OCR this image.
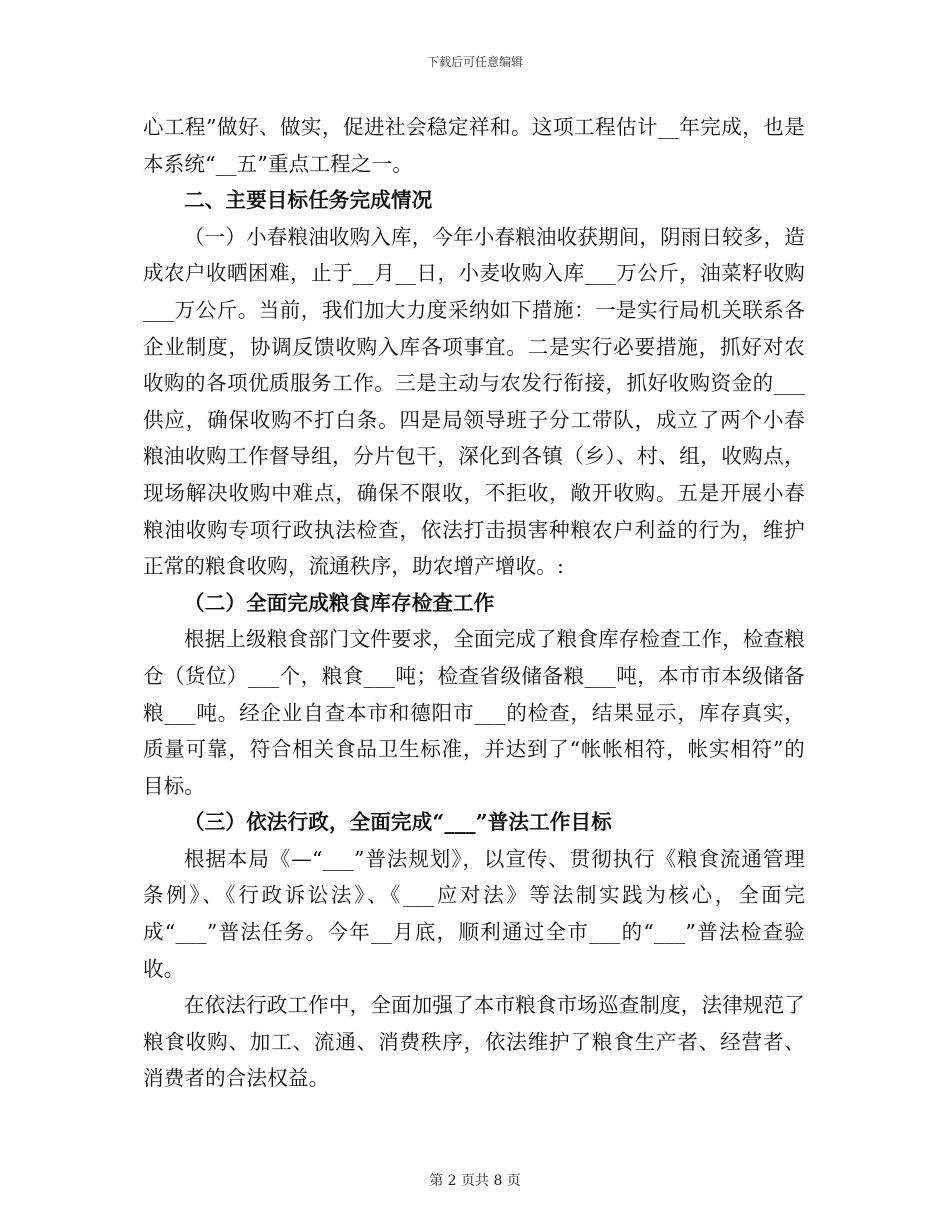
下载后可任意编辑

心工程”做好、做实，促进社会稳定祥和。这项工程估计__年完成，也是本系统“__五”重点工程之一。

二、主要目标任务完成情况

（一）小春粮油收购入库，今年小春粮油收获期间，阴雨日较多，造成农户收晒困难，止于__月__日，小麦收购入库___万公斤，油菜籽收购___万公斤。当前，我们加大力度采纳如下措施：一是实行局机关联系各企业制度，协调反馈收购入库各项事宜。二是实行必要措施，抓好对农收购的各项优质服务工作。三是主动与农发行衔接，抓好收购资金的___供应，确保收购不打白条。四是局领导班子分工带队，成立了两个小春粮油收购工作督导组，分片包干，深化到各镇（乡）、村、组，收购点，现场解决收购中难点，确保不限收，不拒收，敞开收购。五是开展小春粮油收购专项行政执法检查，依法打击损害种粮农户利益的行为，维护正常的粮食收购，流通秩序，助农增产增收。:

（二）全面完成粮食库存检查工作

根据上级粮食部门文件要求，全面完成了粮食库存检查工作，检查粮仓（货位）___个，粮食___吨；检查省级储备粮___吨，本市市本级储备粮___吨。经企业自查本市和德阳市___的检查，结果显示，库存真实，质量可靠，符合相关食品卫生标准，并达到了“帐帐相符，帐实相符”的目标。

（三）依法行政，全面完成“___”普法工作目标

根据本局《—“___”普法规划》，以宣传、贯彻执行《粮食流通管理条例》、《行政诉讼法》、《___应对法》等法制实践为核心，全面完成“___”普法任务。今年__月底，顺利通过全市___的“___”普法检查验收。

在依法行政工作中，全面加强了本市粮食市场巡查制度，法律规范了粮食收购、加工、流通、消费秩序，依法维护了粮食生产者、经营者、消费者的合法权益。

第 2 页共 8 页
